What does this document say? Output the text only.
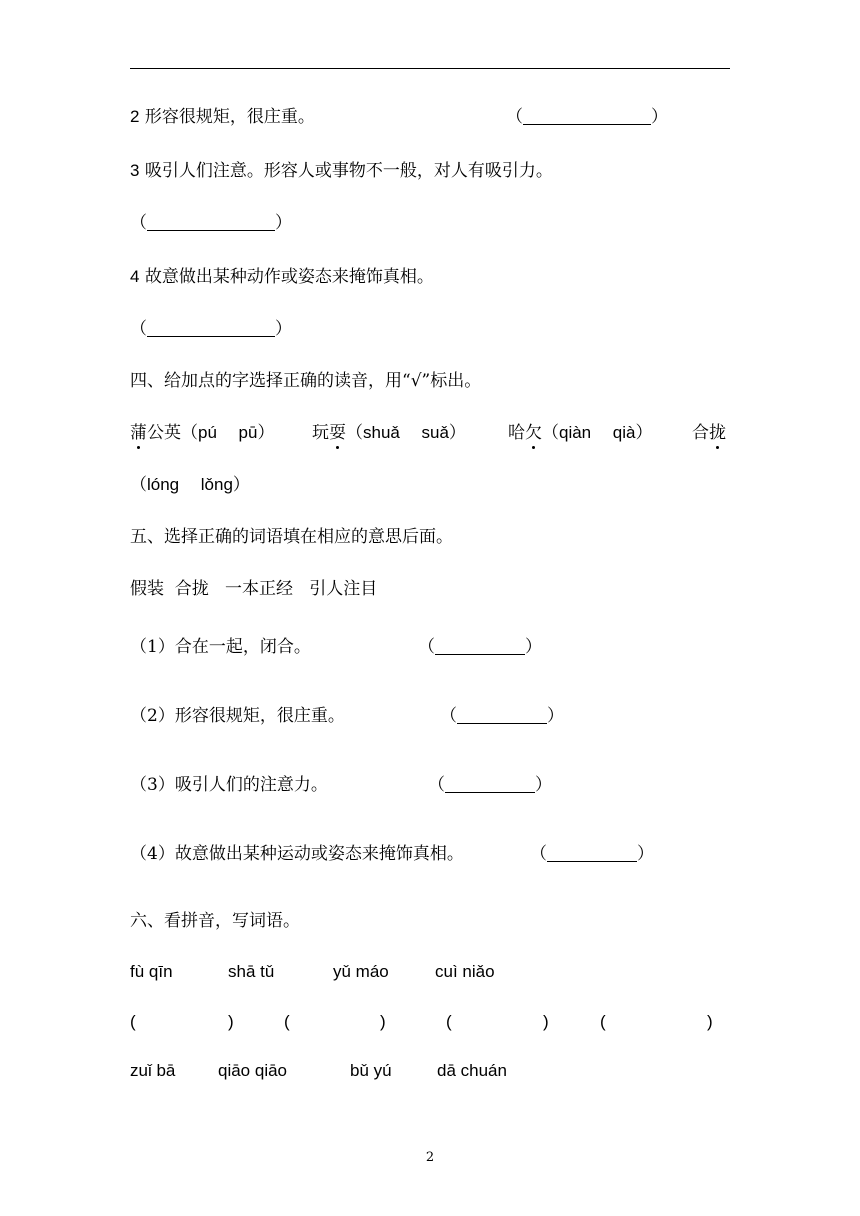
2 形容很规矩，很庄重。	（	）
3 吸引人们注意。形容人或事物不一般，对人有吸引力。
（	）
4 故意做出某种动作或姿态来掩饰真相。
（	）
四、给加点的字选择正确的读音，用“√”标出。
蒲公英（pú pū） 玩耍（shuǎ suǎ） 哈欠（qiàn qià） 合拢
（lóng lǒng）
五、选择正确的词语填在相应的意思后面。
假装  合拢   一本正经   引人注目
（1）合在一起，闭合。	（	）
（2）形容很规矩，很庄重。	（	）
（3）吸引人们的注意力。	（	）
（4）故意做出某种运动或姿态来掩饰真相。	（	）
六、看拼音，写词语。
fù qīn	shā tǔ	yǔ máo	cuì niǎo
(	)	(	)	(	)	(	)
zuǐ bā	qiāo qiāo	bǔ yú	dā chuán
2
